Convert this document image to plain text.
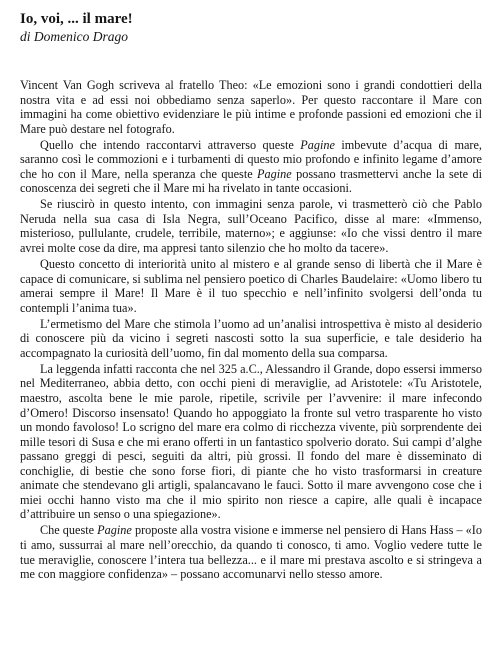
Io, voi, ... il mare!
di Domenico Drago

Vincent Van Gogh scriveva al fratello Theo: «Le emozioni sono i grandi condottieri della nostra vita e ad essi noi obbediamo senza saperlo». Per questo raccontare il Mare con immagini ha come obiettivo evidenziare le più intime e profonde passioni ed emozioni che il Mare può destare nel fotografo.

Quello che intendo raccontarvi attraverso queste Pagine imbevute d’acqua di mare, saranno così le commozioni e i turbamenti di questo mio profondo e infinito legame d’amore che ho con il Mare, nella speranza che queste Pagine possano trasmettervi anche la sete di conoscenza dei segreti che il Mare mi ha rivelato in tante occasioni.

Se riuscirò in questo intento, con immagini senza parole, vi trasmetterò ciò che Pablo Neruda nella sua casa di Isla Negra, sull’Oceano Pacifico, disse al mare: «Immenso, misterioso, pullulante, crudele, terribile, materno»; e aggiunse: «Io che vissi dentro il mare avrei molte cose da dire, ma appresi tanto silenzio che ho molto da tacere».

Questo concetto di interiorità unito al mistero e al grande senso di libertà che il Mare è capace di comunicare, si sublima nel pensiero poetico di Charles Baudelaire: «Uomo libero tu amerai sempre il Mare! Il Mare è il tuo specchio e nell’infinito svolgersi dell’onda tu contempli l’anima tua».

L’ermetismo del Mare che stimola l’uomo ad un’analisi introspettiva è misto al desiderio di conoscere più da vicino i segreti nascosti sotto la sua superficie, e tale desiderio ha accompagnato la curiosità dell’uomo, fin dal momento della sua comparsa.

La leggenda infatti racconta che nel 325 a.C., Alessandro il Grande, dopo essersi immerso nel Mediterraneo, abbia detto, con occhi pieni di meraviglie, ad Aristotele: «Tu Aristotele, maestro, ascolta bene le mie parole, ripetile, scrivile per l’avvenire: il mare infecondo d’Omero! Discorso insensato! Quando ho appoggiato la fronte sul vetro trasparente ho visto un mondo favoloso! Lo scrigno del mare era colmo di ricchezza vivente, più sorprendente dei mille tesori di Susa e che mi erano offerti in un fantastico spolverio dorato. Sui campi d’alghe passano greggi di pesci, seguiti da altri, più grossi. Il fondo del mare è disseminato di conchiglie, di bestie che sono forse fiori, di piante che ho visto trasformarsi in creature animate che stendevano gli artigli, spalancavano le fauci. Sotto il mare avvengono cose che i miei occhi hanno visto ma che il mio spirito non riesce a capire, alle quali è incapace d’attribuire un senso o una spiegazione».

Che queste Pagine proposte alla vostra visione e immerse nel pensiero di Hans Hass – «Io ti amo, sussurrai al mare nell’orecchio, da quando ti conosco, ti amo. Voglio vedere tutte le tue meraviglie, conoscere l’intera tua bellezza... e il mare mi prestava ascolto e si stringeva a me con maggiore confidenza» – possano accomunarvi nello stesso amore.
